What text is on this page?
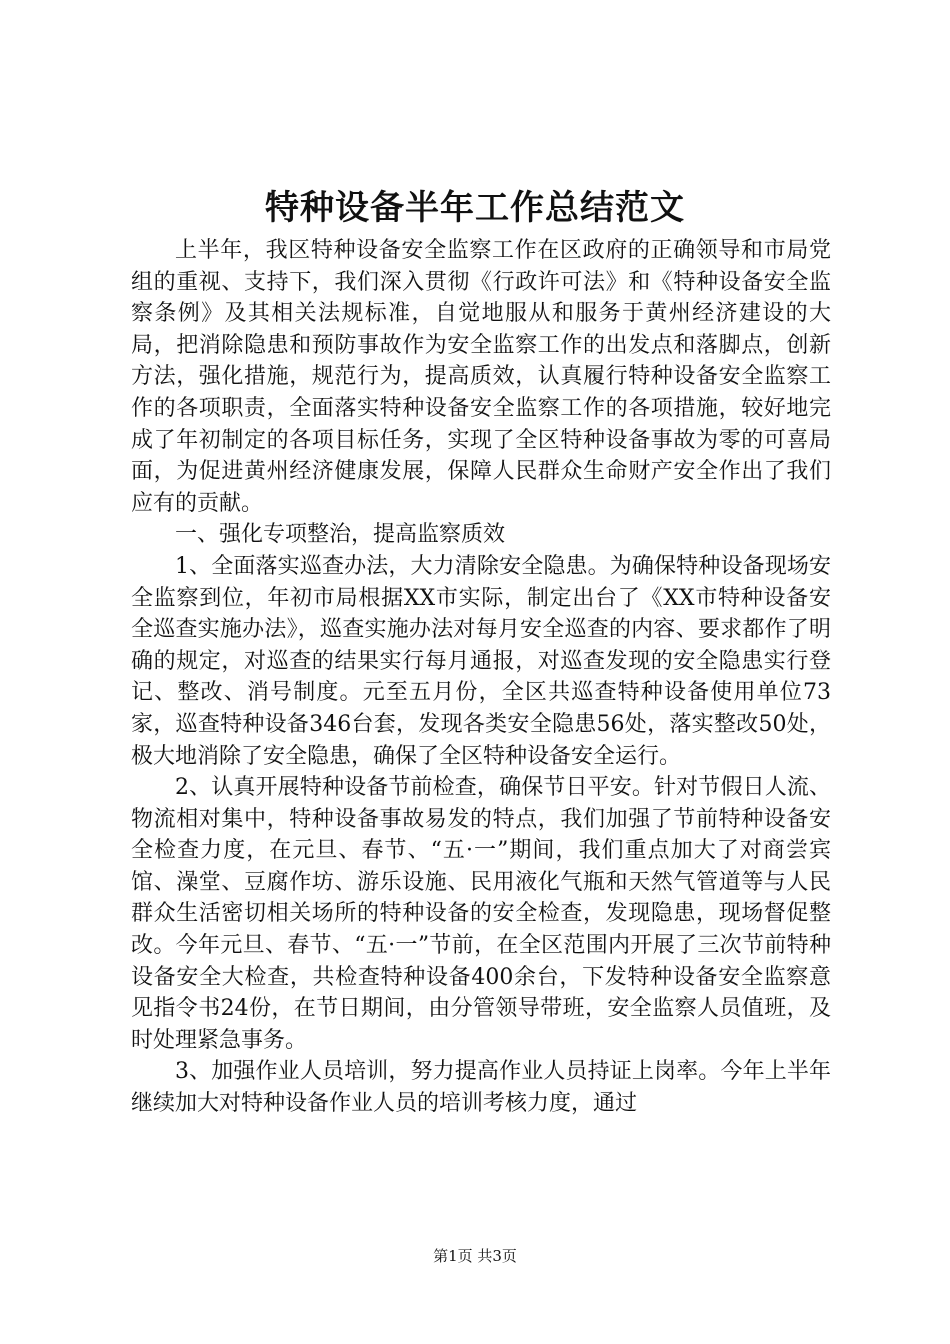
特种设备半年工作总结范文

上半年，我区特种设备安全监察工作在区政府的正确领导和市局党组的重视、支持下，我们深入贯彻《行政许可法》和《特种设备安全监察条例》及其相关法规标准，自觉地服从和服务于黄州经济建设的大局，把消除隐患和预防事故作为安全监察工作的出发点和落脚点，创新方法，强化措施，规范行为，提高质效，认真履行特种设备安全监察工作的各项职责，全面落实特种设备安全监察工作的各项措施，较好地完成了年初制定的各项目标任务，实现了全区特种设备事故为零的可喜局面，为促进黄州经济健康发展，保障人民群众生命财产安全作出了我们应有的贡献。

一、强化专项整治，提高监察质效

1、全面落实巡查办法，大力清除安全隐患。为确保特种设备现场安全监察到位，年初市局根据XX市实际，制定出台了《XX市特种设备安全巡查实施办法》，巡查实施办法对每月安全巡查的内容、要求都作了明确的规定，对巡查的结果实行每月通报，对巡查发现的安全隐患实行登记、整改、消号制度。元至五月份，全区共巡查特种设备使用单位73家，巡查特种设备346台套，发现各类安全隐患56处，落实整改50处，极大地消除了安全隐患，确保了全区特种设备安全运行。

2、认真开展特种设备节前检查，确保节日平安。针对节假日人流、物流相对集中，特种设备事故易发的特点，我们加强了节前特种设备安全检查力度，在元旦、春节、“五·一”期间，我们重点加大了对商尝宾馆、澡堂、豆腐作坊、游乐设施、民用液化气瓶和天然气管道等与人民群众生活密切相关场所的特种设备的安全检查，发现隐患，现场督促整改。今年元旦、春节、“五·一”节前，在全区范围内开展了三次节前特种设备安全大检查，共检查特种设备400余台，下发特种设备安全监察意见指令书24份，在节日期间，由分管领导带班，安全监察人员值班，及时处理紧急事务。

3、加强作业人员培训，努力提高作业人员持证上岗率。今年上半年继续加大对特种设备作业人员的培训考核力度，通过

第1页 共3页
